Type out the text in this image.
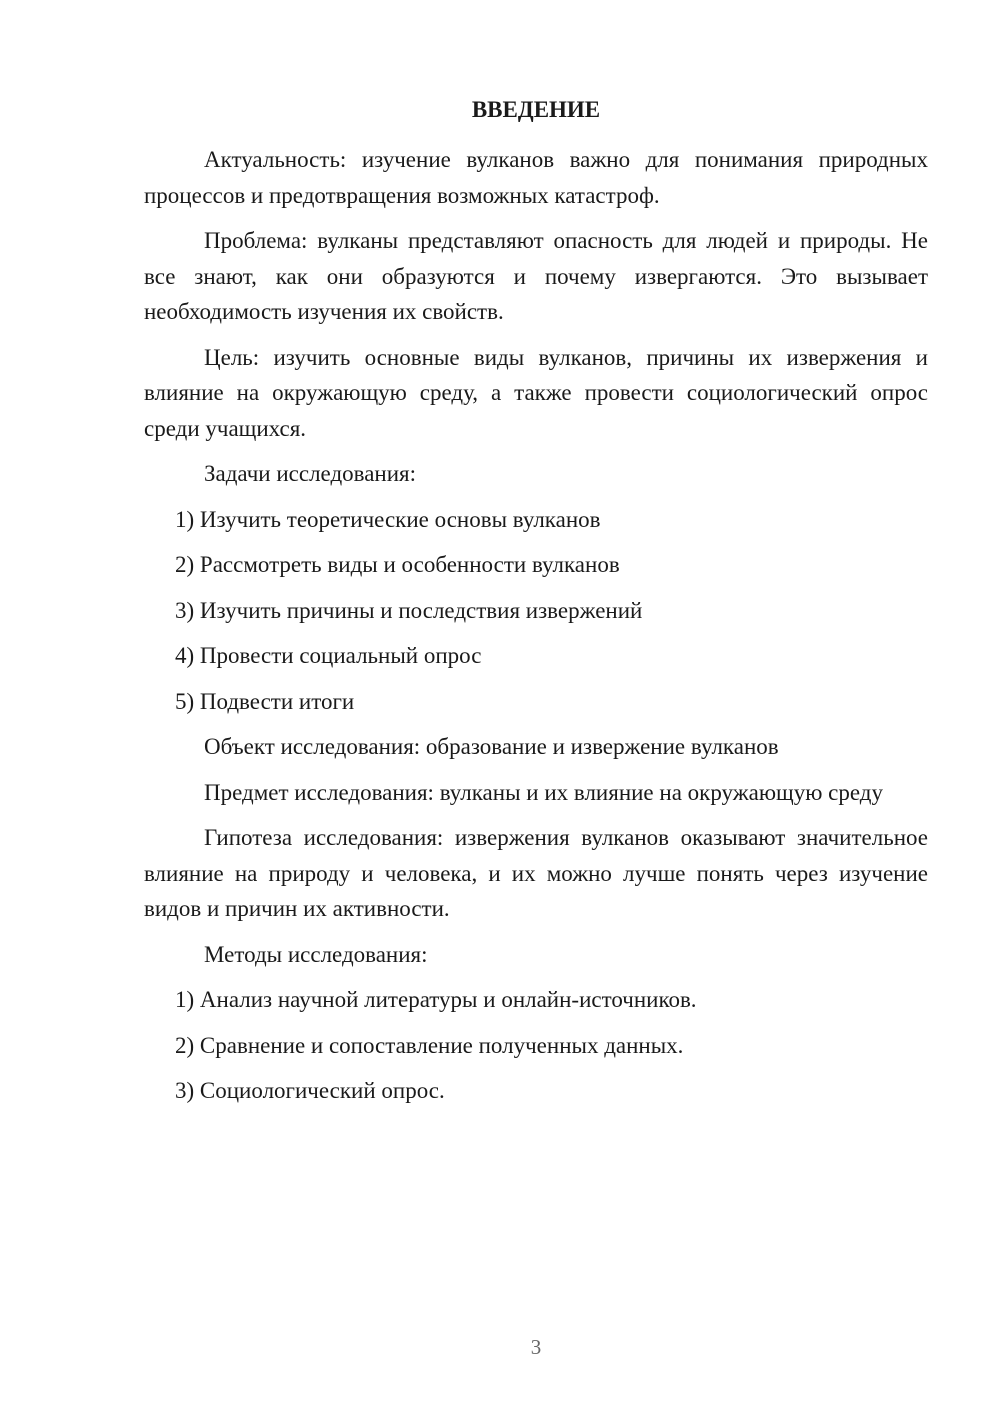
ВВЕДЕНИЕ

Актуальность: изучение вулканов важно для понимания природных процессов и предотвращения возможных катастроф.

Проблема: вулканы представляют опасность для людей и природы. Не все знают, как они образуются и почему извергаются. Это вызывает необходимость изучения их свойств.

Цель: изучить основные виды вулканов, причины их извержения и влияние на окружающую среду, а также провести социологический опрос среди учащихся.

Задачи исследования:

1) Изучить теоретические основы вулканов

2) Рассмотреть виды и особенности вулканов

3) Изучить причины и последствия извержений

4) Провести социальный опрос

5) Подвести итоги

Объект исследования: образование и извержение вулканов

Предмет исследования: вулканы и их влияние на окружающую среду

Гипотеза исследования: извержения вулканов оказывают значительное влияние на природу и человека, и их можно лучше понять через изучение видов и причин их активности.

Методы исследования:

1) Анализ научной литературы и онлайн-источников.

2) Сравнение и сопоставление полученных данных.

3) Социологический опрос.

3
